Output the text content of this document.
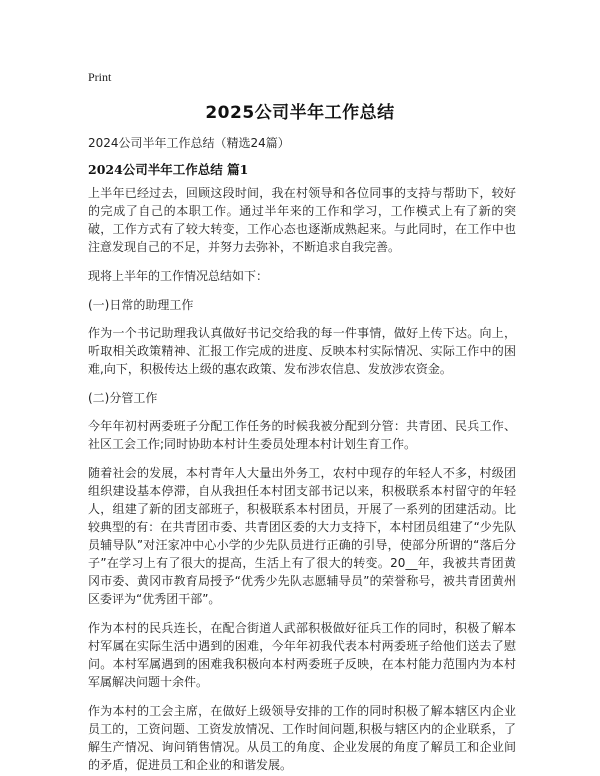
Print
2025公司半年工作总结
2024公司半年工作总结（精选24篇）
2024公司半年工作总结 篇1

上半年已经过去，回顾这段时间，我在村领导和各位同事的支持与帮助下，较好的完成了自己的本职工作。通过半年来的工作和学习，工作模式上有了新的突破，工作方式有了较大转变，工作心态也逐渐成熟起来。与此同时，在工作中也注意发现自己的不足，并努力去弥补，不断追求自我完善。

现将上半年的工作情况总结如下：

(一)日常的助理工作

作为一个书记助理我认真做好书记交给我的每一件事情，做好上传下达。向上，听取相关政策精神、汇报工作完成的进度、反映本村实际情况、实际工作中的困难,向下，积极传达上级的惠农政策、发布涉农信息、发放涉农资金。

(二)分管工作

今年年初村两委班子分配工作任务的时候我被分配到分管：共青团、民兵工作、社区工会工作;同时协助本村计生委员处理本村计划生育工作。

随着社会的发展，本村青年人大量出外务工，农村中现存的年轻人不多，村级团组织建设基本停滞，自从我担任本村团支部书记以来，积极联系本村留守的年轻人，组建了新的团支部班子，积极联系本村团员，开展了一系列的团建活动。比较典型的有：在共青团市委、共青团区委的大力支持下，本村团员组建了“少先队员辅导队”对汪家冲中心小学的少先队员进行正确的引导，使部分所谓的“落后分子”在学习上有了很大的提高，生活上有了很大的转变。20__年，我被共青团黄冈市委、黄冈市教育局授予“优秀少先队志愿辅导员”的荣誉称号，被共青团黄州区委评为“优秀团干部”。

作为本村的民兵连长，在配合街道人武部积极做好征兵工作的同时，积极了解本村军属在实际生活中遇到的困难，今年年初我代表本村两委班子给他们送去了慰问。本村军属遇到的困难我积极向本村两委班子反映，在本村能力范围内为本村军属解决问题十余件。

作为本村的工会主席，在做好上级领导安排的工作的同时积极了解本辖区内企业员工的，工资问题、工资发放情况、工作时间问题,积极与辖区内的企业联系，了解生产情况、询问销售情况。从员工的角度、企业发展的角度了解员工和企业间的矛盾，促进员工和企业的和谐发展。
